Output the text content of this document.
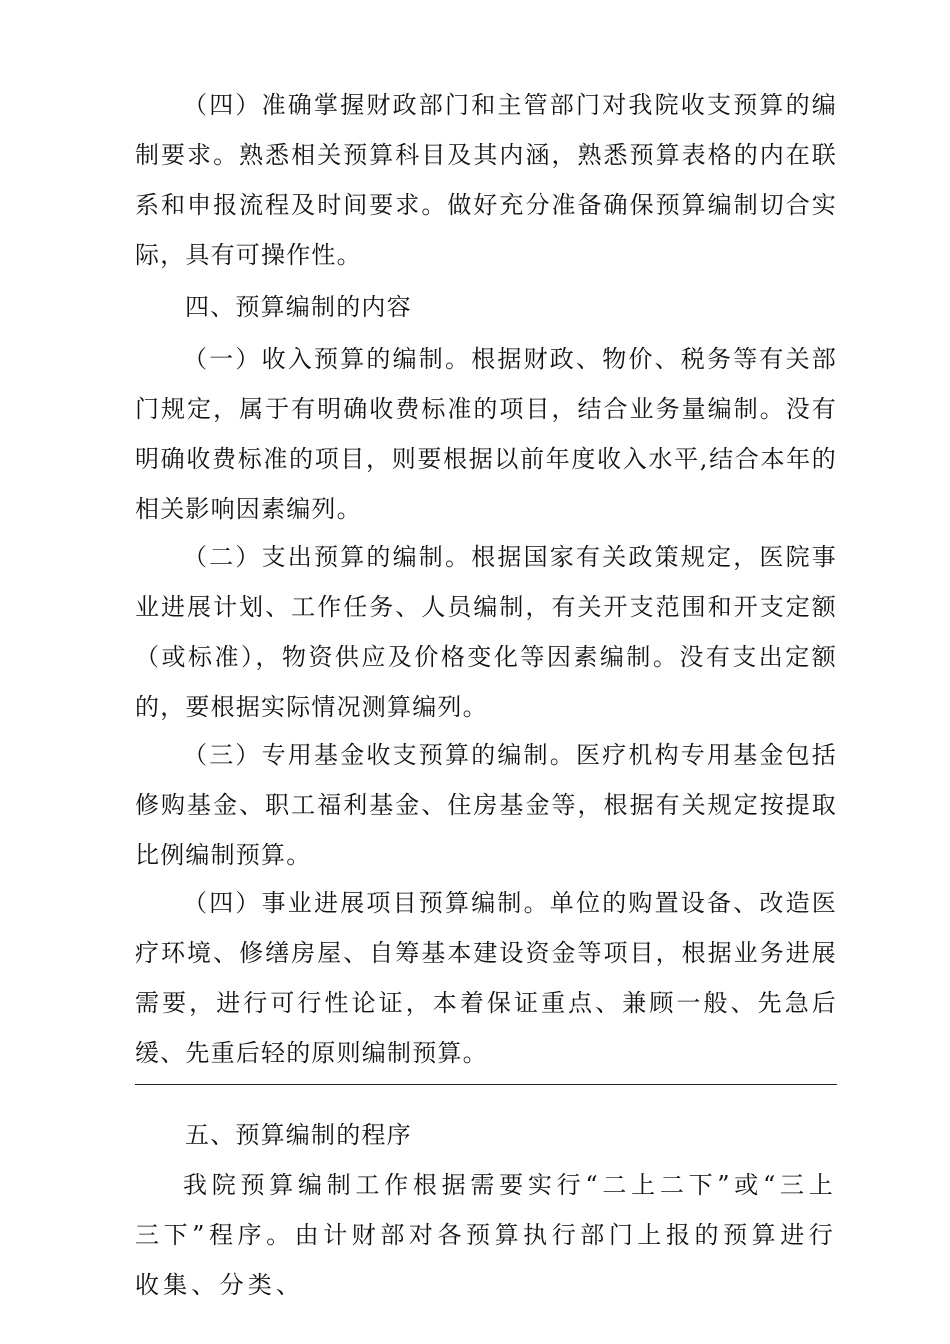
（四）准确掌握财政部门和主管部门对我院收支预算的编制要求。熟悉相关预算科目及其内涵，熟悉预算表格的内在联系和申报流程及时间要求。做好充分准备确保预算编制切合实际，具有可操作性。

四、预算编制的内容

（一）收入预算的编制。根据财政、物价、税务等有关部门规定，属于有明确收费标准的项目，结合业务量编制。没有明确收费标准的项目，则要根据以前年度收入水平,结合本年的相关影响因素编列。

（二）支出预算的编制。根据国家有关政策规定，医院事业进展计划、工作任务、人员编制，有关开支范围和开支定额（或标准），物资供应及价格变化等因素编制。没有支出定额的，要根据实际情况测算编列。

（三）专用基金收支预算的编制。医疗机构专用基金包括修购基金、职工福利基金、住房基金等，根据有关规定按提取比例编制预算。

（四）事业进展项目预算编制。单位的购置设备、改造医疗环境、修缮房屋、自筹基本建设资金等项目，根据业务进展需要，进行可行性论证，本着保证重点、兼顾一般、先急后缓、先重后轻的原则编制预算。

五、预算编制的程序

我院预算编制工作根据需要实行“二上二下”或“三上三下”程序。由计财部对各预算执行部门上报的预算进行收集、分类、
